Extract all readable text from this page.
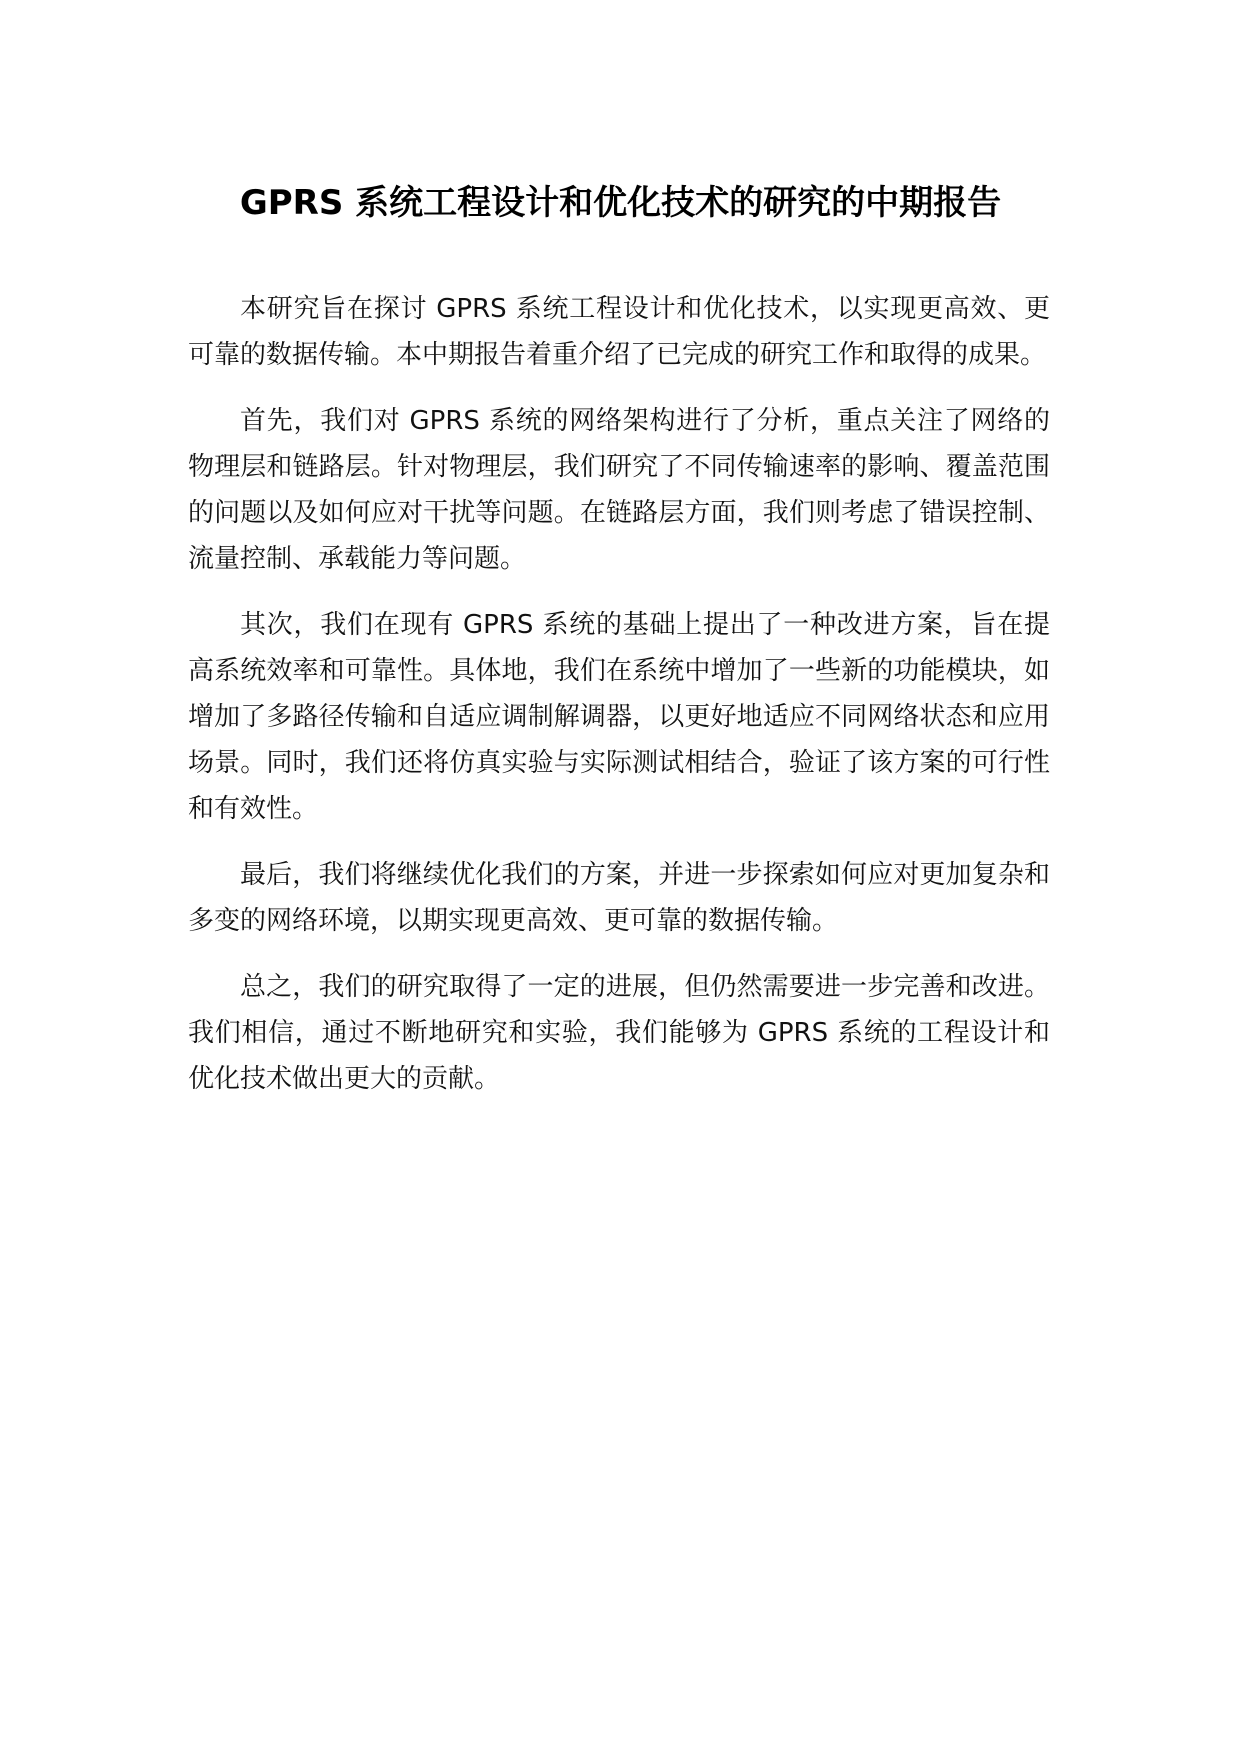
GPRS 系统工程设计和优化技术的研究的中期报告

本研究旨在探讨 GPRS 系统工程设计和优化技术，以实现更高效、更可靠的数据传输。本中期报告着重介绍了已完成的研究工作和取得的成果。

首先，我们对 GPRS 系统的网络架构进行了分析，重点关注了网络的物理层和链路层。针对物理层，我们研究了不同传输速率的影响、覆盖范围的问题以及如何应对干扰等问题。在链路层方面，我们则考虑了错误控制、流量控制、承载能力等问题。

其次，我们在现有 GPRS 系统的基础上提出了一种改进方案，旨在提高系统效率和可靠性。具体地，我们在系统中增加了一些新的功能模块，如增加了多路径传输和自适应调制解调器，以更好地适应不同网络状态和应用场景。同时，我们还将仿真实验与实际测试相结合，验证了该方案的可行性和有效性。

最后，我们将继续优化我们的方案，并进一步探索如何应对更加复杂和多变的网络环境，以期实现更高效、更可靠的数据传输。

总之，我们的研究取得了一定的进展，但仍然需要进一步完善和改进。我们相信，通过不断地研究和实验，我们能够为 GPRS 系统的工程设计和优化技术做出更大的贡献。
